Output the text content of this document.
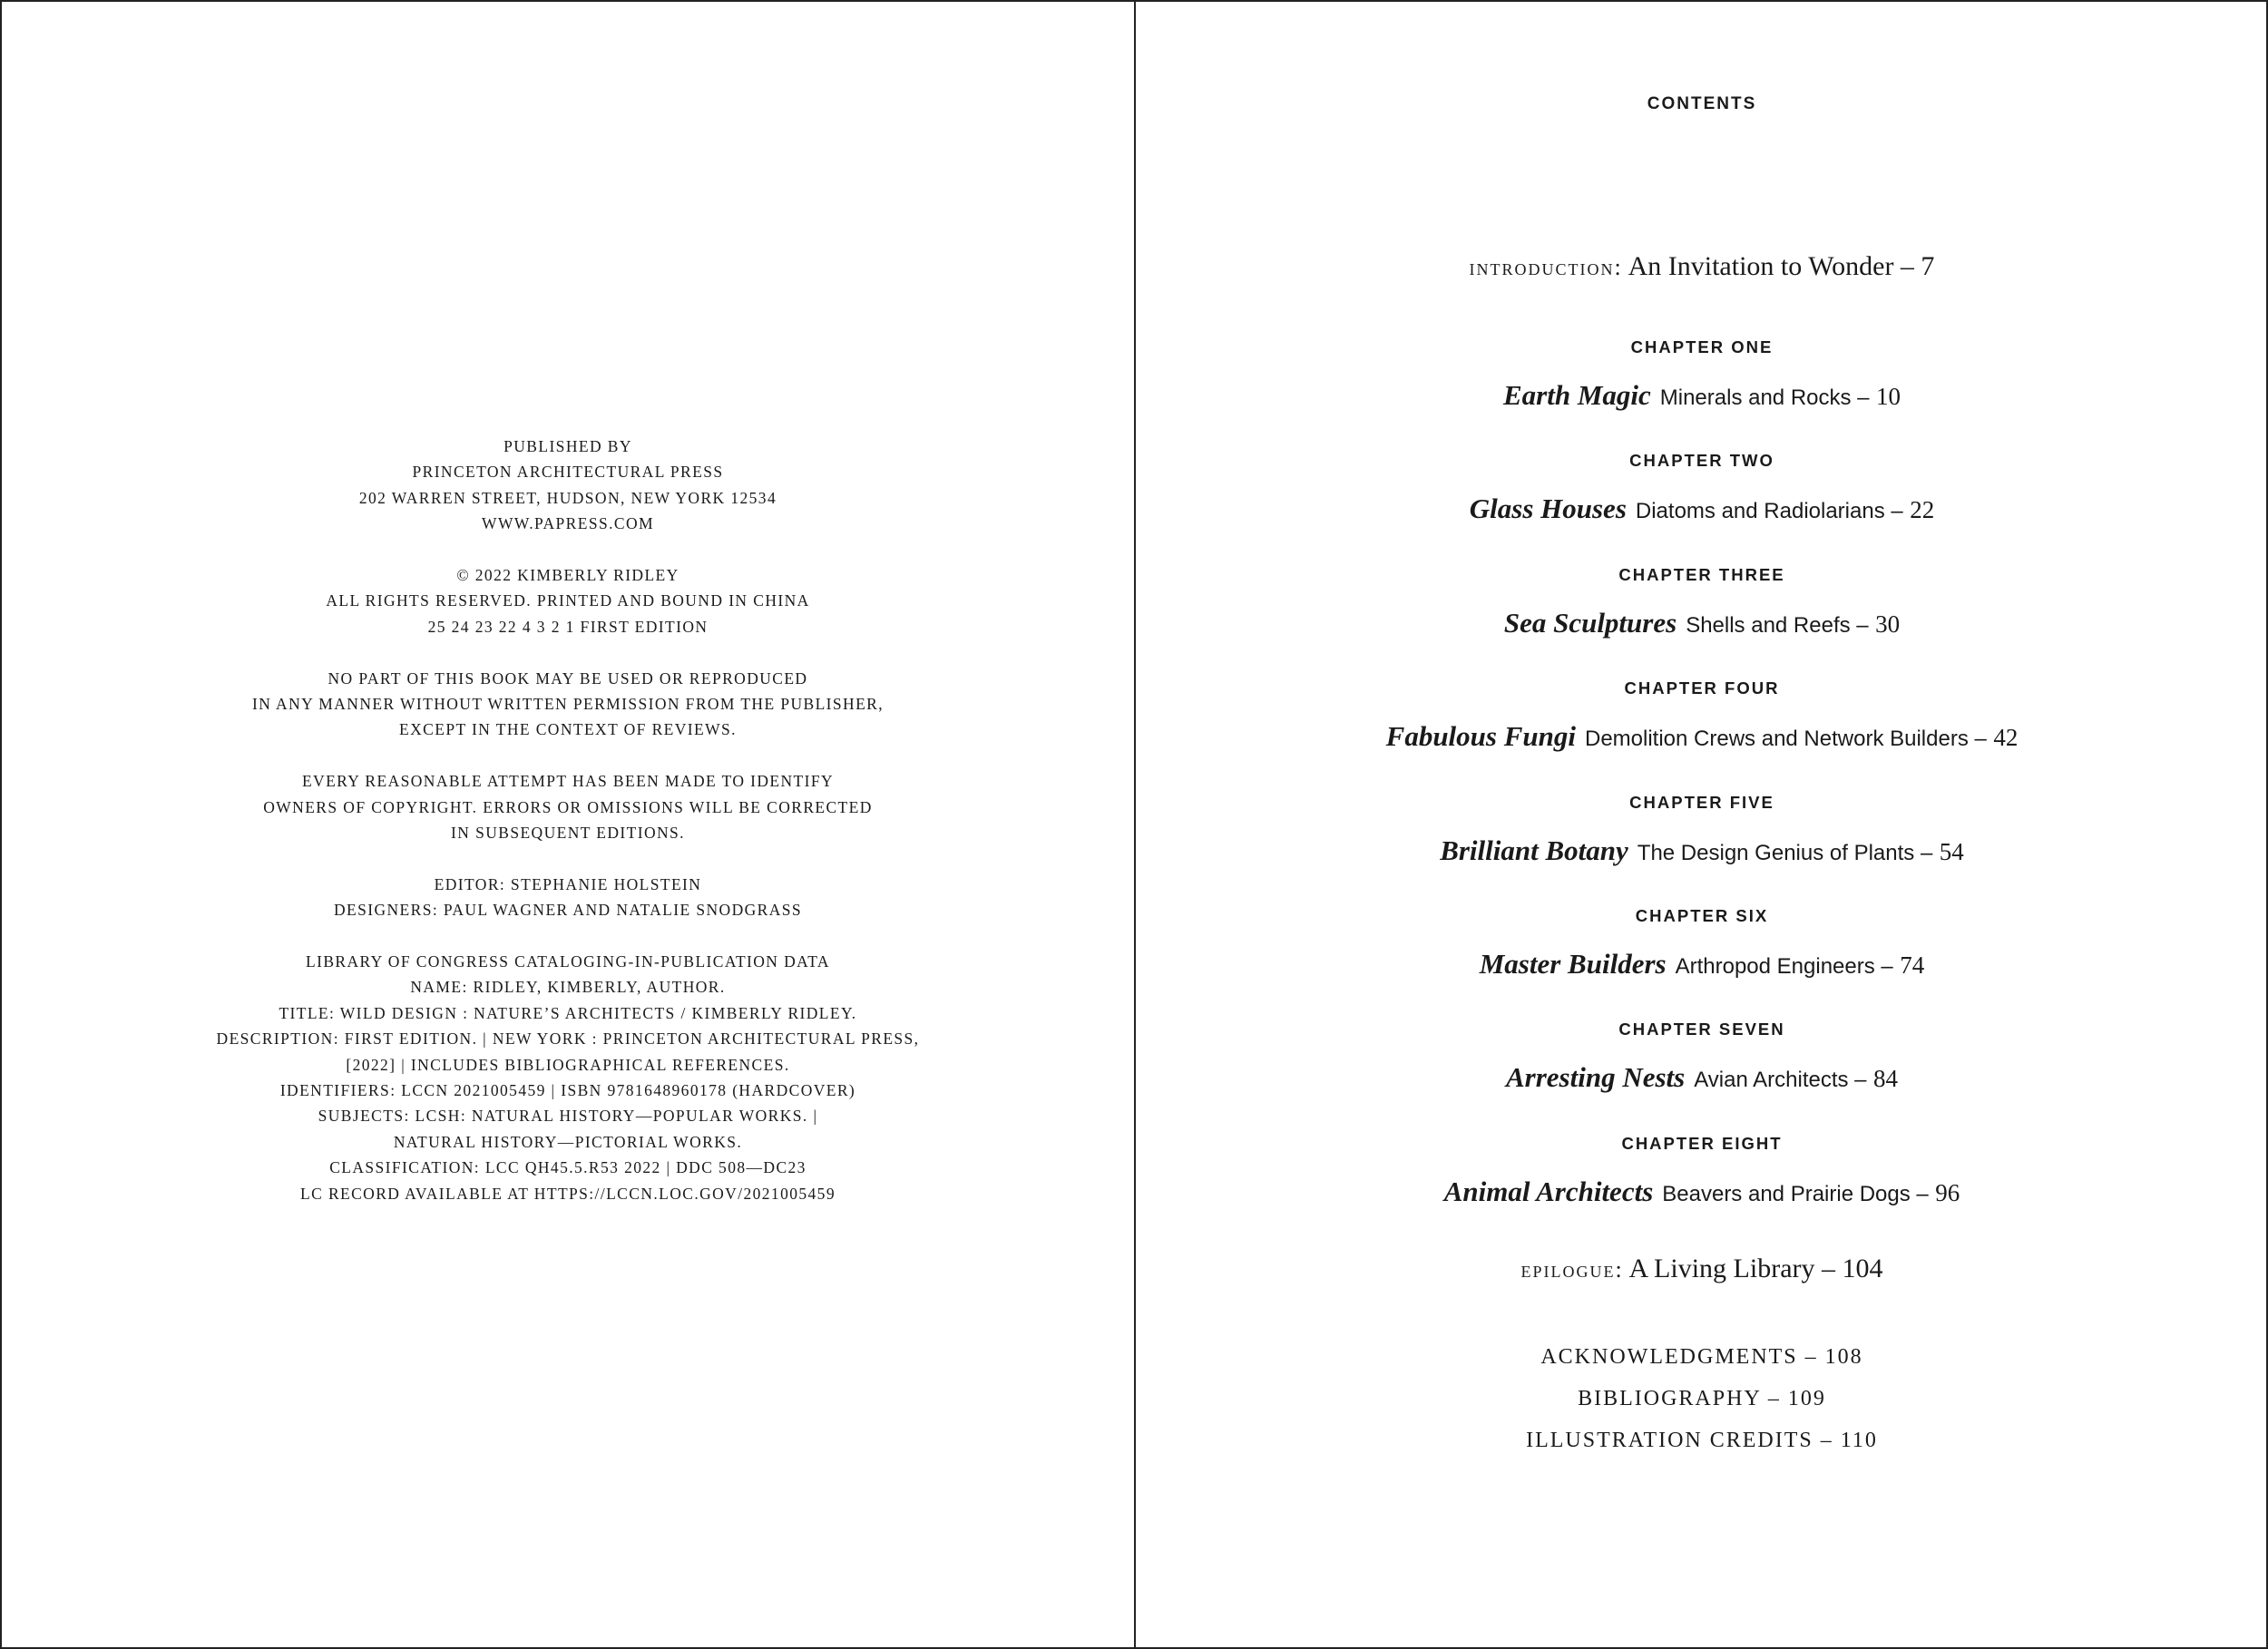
PUBLISHED BY
PRINCETON ARCHITECTURAL PRESS
202 WARREN STREET, HUDSON, NEW YORK 12534
WWW.PAPRESS.COM
© 2022 KIMBERLY RIDLEY
ALL RIGHTS RESERVED. PRINTED AND BOUND IN CHINA
25 24 23 22 4 3 2 1 FIRST EDITION
NO PART OF THIS BOOK MAY BE USED OR REPRODUCED
IN ANY MANNER WITHOUT WRITTEN PERMISSION FROM THE PUBLISHER,
EXCEPT IN THE CONTEXT OF REVIEWS.
EVERY REASONABLE ATTEMPT HAS BEEN MADE TO IDENTIFY
OWNERS OF COPYRIGHT. ERRORS OR OMISSIONS WILL BE CORRECTED
IN SUBSEQUENT EDITIONS.
EDITOR: STEPHANIE HOLSTEIN
DESIGNERS: PAUL WAGNER AND NATALIE SNODGRASS
LIBRARY OF CONGRESS CATALOGING-IN-PUBLICATION DATA
NAME: RIDLEY, KIMBERLY, AUTHOR.
TITLE: WILD DESIGN : NATURE’S ARCHITECTS / KIMBERLY RIDLEY.
DESCRIPTION: FIRST EDITION. | NEW YORK : PRINCETON ARCHITECTURAL PRESS,
[2022] | INCLUDES BIBLIOGRAPHICAL REFERENCES.
IDENTIFIERS: LCCN 2021005459 | ISBN 9781648960178 (HARDCOVER)
SUBJECTS: LCSH: NATURAL HISTORY—POPULAR WORKS. |
NATURAL HISTORY—PICTORIAL WORKS.
CLASSIFICATION: LCC QH45.5.R53 2022 | DDC 508—DC23
LC RECORD AVAILABLE AT HTTPS://LCCN.LOC.GOV/2021005459
CONTENTS
introduction: An Invitation to Wonder – 7
CHAPTER ONE
Earth Magic Minerals and Rocks – 10
CHAPTER TWO
Glass Houses Diatoms and Radiolarians – 22
CHAPTER THREE
Sea Sculptures Shells and Reefs – 30
CHAPTER FOUR
Fabulous Fungi Demolition Crews and Network Builders – 42
CHAPTER FIVE
Brilliant Botany The Design Genius of Plants – 54
CHAPTER SIX
Master Builders Arthropod Engineers – 74
CHAPTER SEVEN
Arresting Nests Avian Architects – 84
CHAPTER EIGHT
Animal Architects Beavers and Prairie Dogs – 96
epilogue: A Living Library – 104
ACKNOWLEDGMENTS – 108
BIBLIOGRAPHY – 109
ILLUSTRATION CREDITS – 110
